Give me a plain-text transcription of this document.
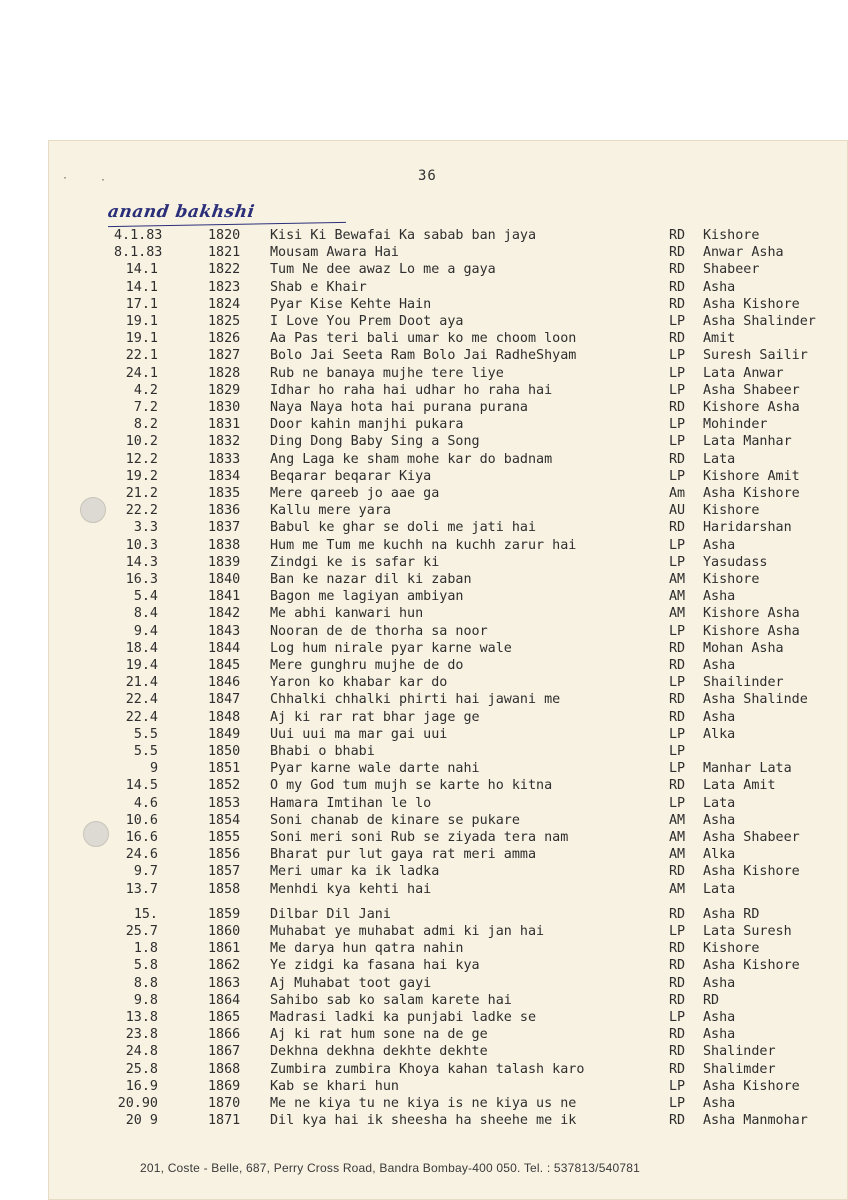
·	·	36
anand bakhshi
4.1.83	1820 Kisi Ki Bewafai Ka sabab ban jaya	RD Kishore
8.1.83	1821 Mousam Awara Hai	RD Anwar Asha
14.1	1822 Tum Ne dee awaz Lo me a gaya	RD Shabeer
14.1	1823 Shab e Khair	RD Asha
17.1	1824 Pyar Kise Kehte Hain	RD Asha Kishore
19.1	1825 I Love You Prem Doot aya	LP Asha Shalinder
19.1	1826 Aa Pas teri bali umar ko me choom loon	RD Amit
22.1	1827 Bolo Jai Seeta Ram Bolo Jai RadheShyam	LP Suresh Sailir
24.1	1828 Rub ne banaya mujhe tere liye	LP Lata Anwar
4.2	1829 Idhar ho raha hai udhar ho raha hai	LP Asha Shabeer
7.2	1830 Naya Naya hota hai purana purana	RD Kishore Asha
8.2	1831 Door kahin manjhi pukara	LP Mohinder
10.2	1832 Ding Dong Baby Sing a Song	LP Lata Manhar
12.2	1833 Ang Laga ke sham mohe kar do badnam	RD Lata
19.2	1834 Beqarar beqarar Kiya	LP Kishore Amit
21.2	1835 Mere qareeb jo aae ga	Am Asha Kishore
22.2	1836 Kallu mere yara	AU Kishore
3.3	1837 Babul ke ghar se doli me jati hai	RD Haridarshan
10.3	1838 Hum me Tum me kuchh na kuchh zarur hai	LP Asha
14.3	1839 Zindgi ke is safar ki	LP Yasudass
16.3	1840 Ban ke nazar dil ki zaban	AM Kishore
5.4	1841 Bagon me lagiyan ambiyan	AM Asha
8.4	1842 Me abhi kanwari hun	AM Kishore Asha
9.4	1843 Nooran de de thorha sa noor	LP Kishore Asha
18.4	1844 Log hum nirale pyar karne wale	RD Mohan Asha
19.4	1845 Mere gunghru mujhe de do	RD Asha
21.4	1846 Yaron ko khabar kar do	LP Shailinder
22.4	1847 Chhalki chhalki phirti hai jawani me	RD Asha Shalinde
22.4	1848 Aj ki rar rat bhar jage ge	RD Asha
5.5	1849 Uui uui ma mar gai uui	LP Alka
5.5	1850 Bhabi o bhabi	LP
9	1851 Pyar karne wale darte nahi	LP Manhar Lata
14.5	1852 O my God tum mujh se karte ho kitna	RD Lata Amit
4.6	1853 Hamara Imtihan le lo	LP Lata
10.6	1854 Soni chanab de kinare se pukare	AM Asha
16.6	1855 Soni meri soni Rub se ziyada tera nam	AM Asha Shabeer
24.6	1856 Bharat pur lut gaya rat meri amma	AM Alka
9.7	1857 Meri umar ka ik ladka	RD Asha Kishore
13.7	1858 Menhdi kya kehti hai	AM Lata
15.	1859 Dilbar Dil Jani	RD Asha RD
25.7	1860 Muhabat ye muhabat admi ki jan hai	LP Lata Suresh
1.8	1861 Me darya hun qatra nahin	RD Kishore
5.8	1862 Ye zidgi ka fasana hai kya	RD Asha Kishore
8.8	1863 Aj Muhabat toot gayi	RD Asha
9.8	1864 Sahibo sab ko salam karete hai	RD RD
13.8	1865 Madrasi ladki ka punjabi ladke se	LP Asha
23.8	1866 Aj ki rat hum sone na de ge	RD Asha
24.8	1867 Dekhna dekhna dekhte dekhte	RD Shalinder
25.8	1868 Zumbira zumbira Khoya kahan talash karo	RD Shalimder
16.9	1869 Kab se khari hun	LP Asha Kishore
20.90	1870 Me ne kiya tu ne kiya is ne kiya us ne	LP Asha
20 9	1871 Dil kya hai ik sheesha ha sheehe me ik	RD Asha Manmohar
201, Coste - Belle, 687, Perry Cross Road, Bandra Bombay-400 050. Tel. : 537813/540781
